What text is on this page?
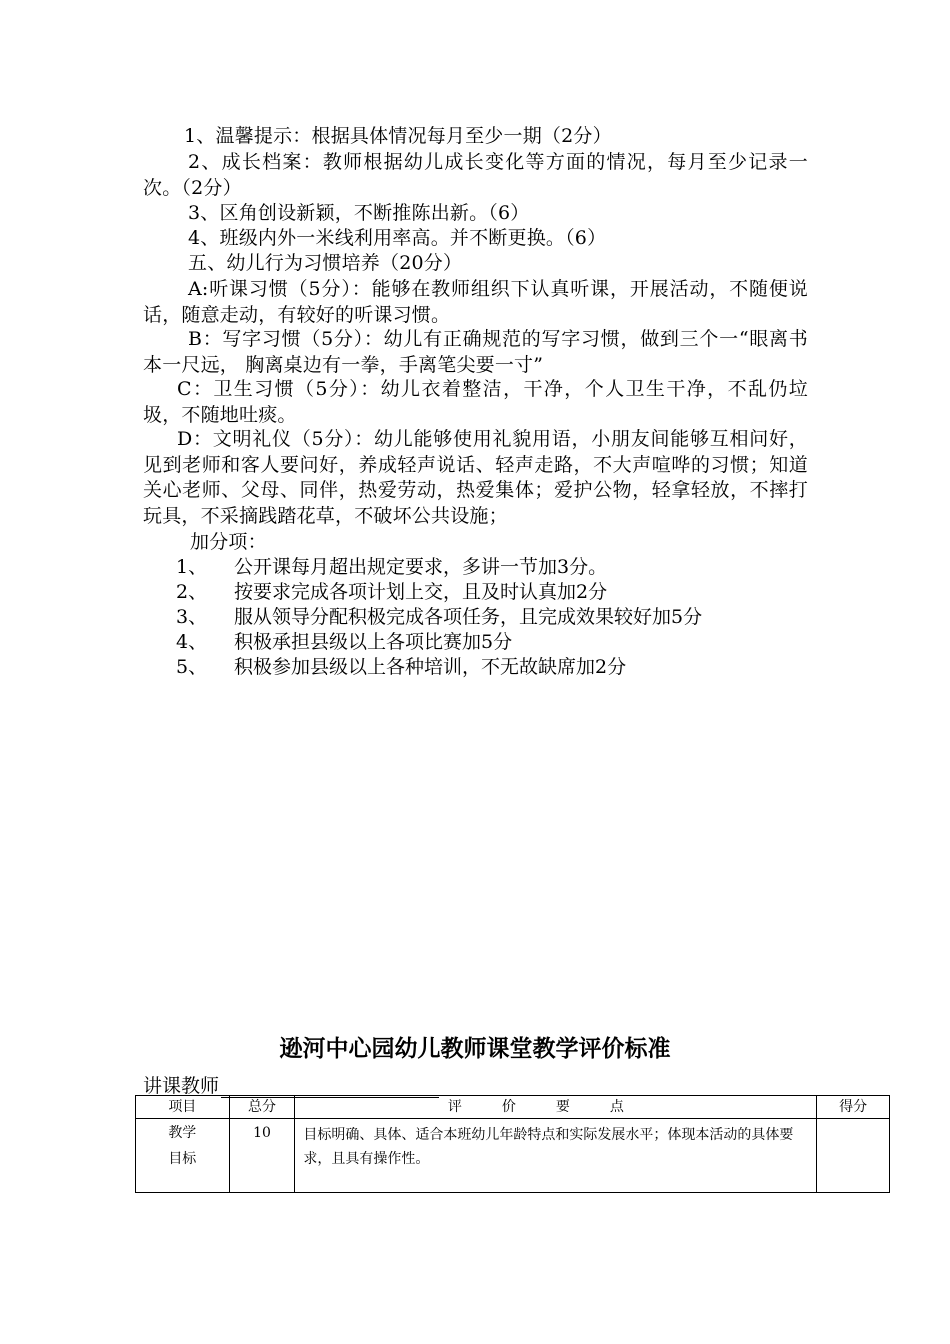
1、温馨提示：根据具体情况每月至少一期（2分）
2、成长档案：教师根据幼儿成长变化等方面的情况，每月至少记录一次。（2分）
3、区角创设新颖，不断推陈出新。（6）
4、班级内外一米线利用率高。并不断更换。（6）
五、幼儿行为习惯培养（20分）
A:听课习惯（5分）：能够在教师组织下认真听课，开展活动，不随便说话，随意走动，有较好的听课习惯。
B：写字习惯（5分）：幼儿有正确规范的写字习惯，做到三个一“眼离书本一尺远， 胸离桌边有一拳，手离笔尖要一寸”
C：卫生习惯（5分）：幼儿衣着整洁，干净，个人卫生干净，不乱仍垃圾，不随地吐痰。
D：文明礼仪（5分）：幼儿能够使用礼貌用语，小朋友间能够互相问好，见到老师和客人要问好，养成轻声说话、轻声走路，不大声喧哗的习惯；知道关心老师、父母、同伴，热爱劳动，热爱集体；爱护公物，轻拿轻放，不摔打玩具，不采摘践踏花草，不破坏公共设施；
加分项：
1、 公开课每月超出规定要求，多讲一节加3分。
2、 按要求完成各项计划上交，且及时认真加2分
3、 服从领导分配积极完成各项任务，且完成效果较好加5分
4、 积极承担县级以上各项比赛加5分
5、 积极参加县级以上各种培训，不无故缺席加2分
逊河中心园幼儿教师课堂教学评价标准
讲课教师
项目	总分	评价要点	得分

教学
目标	10	目标明确、具体、适合本班幼儿年龄特点和实际发展水平；体现本活动的具体要求，且具有操作性。	
